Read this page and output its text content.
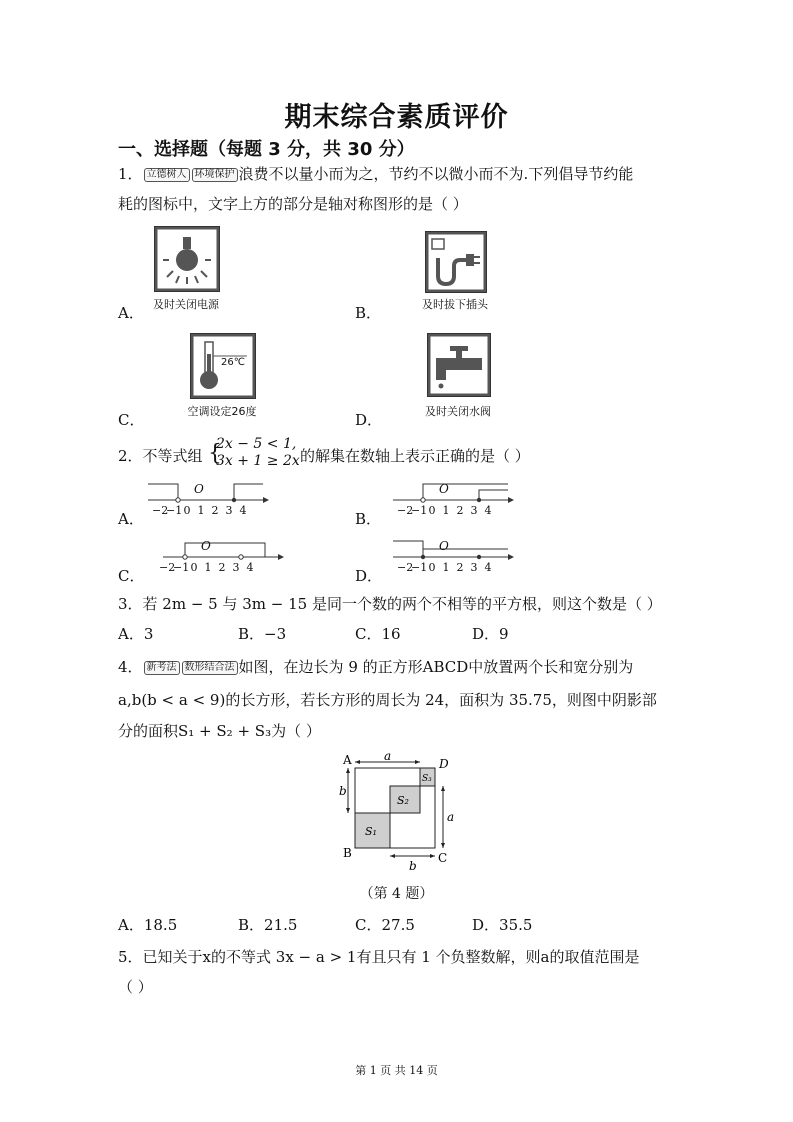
期末综合素质评价
一、选择题（每题 3 分，共 30 分）
1． 立德树人 环境保护 浪费不以量小而为之，节约不以微小而不为.下列倡导节约能
耗的图标中，文字上方的部分是轴对称图形的是（ ）
A． 及时关闭电源	B．	及时拔下插头
C．
26℃
空调设定26度	D．	及时关闭水阀
2．不等式组 {
2x − 5 < 1,
3x + 1 ≥ 2x 的解集在数轴上表示正确的是（ ）
A．	B．
C．	D．
−2
−1 0 1 2 3 4
O
−2
−1 0 1 2 3 4
O
−2
−1 0 1 2 3 4
O
−2
−1 0 1 2 3 4
O
3．若 2m − 5 与 3m − 15 是同一个数的两个不相等的平方根，则这个数是（ ）
A．3	B．−3	C．16	D．9
4． 新考法 数形结合法 如图，在边长为 9 的正方形ABCD中放置两个长和宽分别为
a,b(b < a < 9)的长方形，若长方形的周长为 24，面积为 35.75，则图中阴影部
分的面积S₁ + S₂ + S₃为（ ）
A
B	C
D
a
b
a
b
S₁
S₂
S₃
（第 4 题）
A．18.5	B．21.5	C．27.5	D．35.5
5．已知关于x的不等式 3x − a > 1有且只有 1 个负整数解，则a的取值范围是
（ ）
第 1 页 共 14 页
